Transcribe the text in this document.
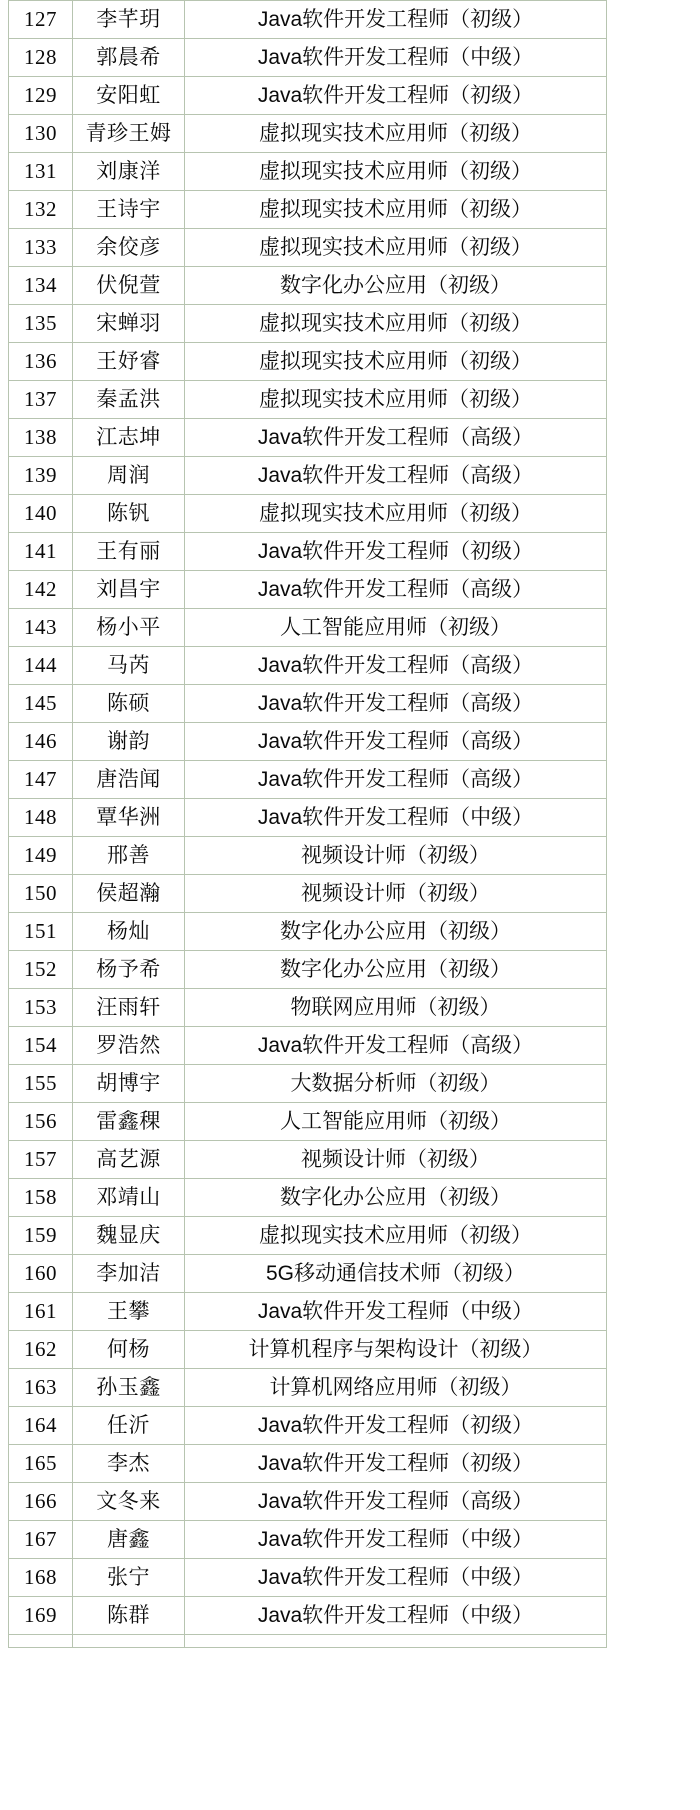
127	李芊玥	Java软件开发工程师（初级）
128	郭晨希	Java软件开发工程师（中级）
129	安阳虹	Java软件开发工程师（初级）
130	青珍王姆	虚拟现实技术应用师（初级）
131	刘康洋	虚拟现实技术应用师（初级）
132	王诗宇	虚拟现实技术应用师（初级）
133	余佼彦	虚拟现实技术应用师（初级）
134	伏倪萱	数字化办公应用（初级）
135	宋蝉羽	虚拟现实技术应用师（初级）
136	王妤睿	虚拟现实技术应用师（初级）
137	秦孟洪	虚拟现实技术应用师（初级）
138	江志坤	Java软件开发工程师（高级）
139	周润	Java软件开发工程师（高级）
140	陈钒	虚拟现实技术应用师（初级）
141	王有丽	Java软件开发工程师（初级）
142	刘昌宇	Java软件开发工程师（高级）
143	杨小平	人工智能应用师（初级）
144	马芮	Java软件开发工程师（高级）
145	陈硕	Java软件开发工程师（高级）
146	谢韵	Java软件开发工程师（高级）
147	唐浩闻	Java软件开发工程师（高级）
148	覃华洲	Java软件开发工程师（中级）
149	邢善	视频设计师（初级）
150	侯超瀚	视频设计师（初级）
151	杨灿	数字化办公应用（初级）
152	杨予希	数字化办公应用（初级）
153	汪雨轩	物联网应用师（初级）
154	罗浩然	Java软件开发工程师（高级）
155	胡博宇	大数据分析师（初级）
156	雷鑫稞	人工智能应用师（初级）
157	高艺源	视频设计师（初级）
158	邓靖山	数字化办公应用（初级）
159	魏显庆	虚拟现实技术应用师（初级）
160	李加洁	5G移动通信技术师（初级）
161	王攀	Java软件开发工程师（中级）
162	何杨	计算机程序与架构设计（初级）
163	孙玉鑫	计算机网络应用师（初级）
164	任沂	Java软件开发工程师（初级）
165	李杰	Java软件开发工程师（初级）
166	文冬来	Java软件开发工程师（高级）
167	唐鑫	Java软件开发工程师（中级）
168	张宁	Java软件开发工程师（中级）
169	陈群	Java软件开发工程师（中级）
